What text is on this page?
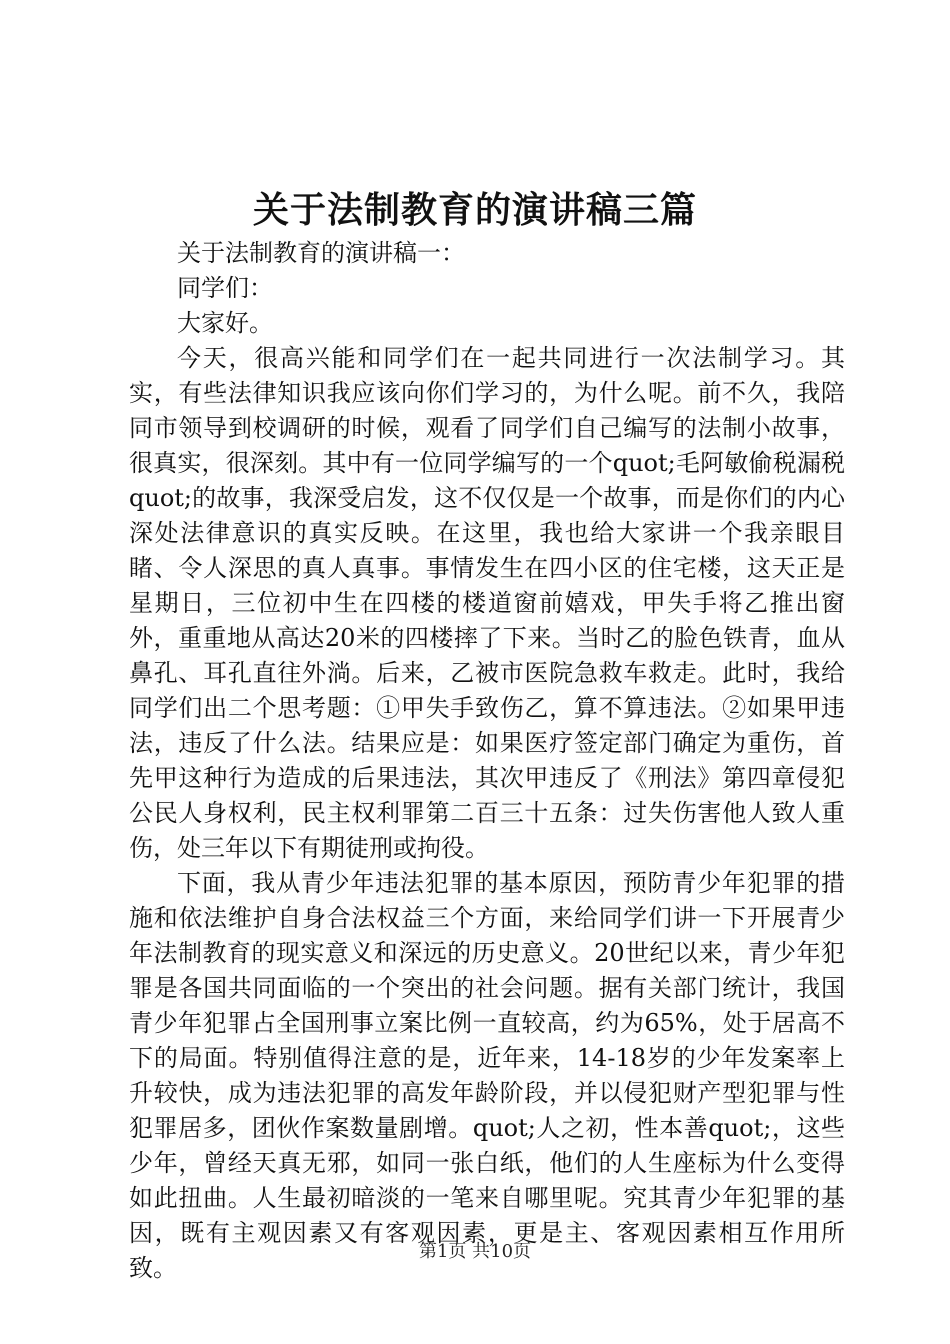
关于法制教育的演讲稿三篇

关于法制教育的演讲稿一：

同学们：

大家好。

今天，很高兴能和同学们在一起共同进行一次法制学习。其实，有些法律知识我应该向你们学习的，为什么呢。前不久，我陪同市领导到校调研的时候，观看了同学们自己编写的法制小故事，很真实，很深刻。其中有一位同学编写的一个quot;毛阿敏偷税漏税quot;的故事，我深受启发，这不仅仅是一个故事，而是你们的内心深处法律意识的真实反映。在这里，我也给大家讲一个我亲眼目睹、令人深思的真人真事。事情发生在四小区的住宅楼，这天正是星期日，三位初中生在四楼的楼道窗前嬉戏，甲失手将乙推出窗外，重重地从高达20米的四楼摔了下来。当时乙的脸色铁青，血从鼻孔、耳孔直往外淌。后来，乙被市医院急救车救走。此时，我给同学们出二个思考题：①甲失手致伤乙，算不算违法。②如果甲违法，违反了什么法。结果应是：如果医疗签定部门确定为重伤，首先甲这种行为造成的后果违法，其次甲违反了《刑法》第四章侵犯公民人身权利，民主权利罪第二百三十五条：过失伤害他人致人重伤，处三年以下有期徒刑或拘役。

下面，我从青少年违法犯罪的基本原因，预防青少年犯罪的措施和依法维护自身合法权益三个方面，来给同学们讲一下开展青少年法制教育的现实意义和深远的历史意义。20世纪以来，青少年犯罪是各国共同面临的一个突出的社会问题。据有关部门统计，我国青少年犯罪占全国刑事立案比例一直较高，约为65%，处于居高不下的局面。特别值得注意的是，近年来，14-18岁的少年发案率上升较快，成为违法犯罪的高发年龄阶段，并以侵犯财产型犯罪与性犯罪居多，团伙作案数量剧增。quot;人之初，性本善quot;，这些少年，曾经天真无邪，如同一张白纸，他们的人生座标为什么变得如此扭曲。人生最初暗淡的一笔来自哪里呢。究其青少年犯罪的基因，既有主观因素又有客观因素，更是主、客观因素相互作用所致。

第1页 共10页
